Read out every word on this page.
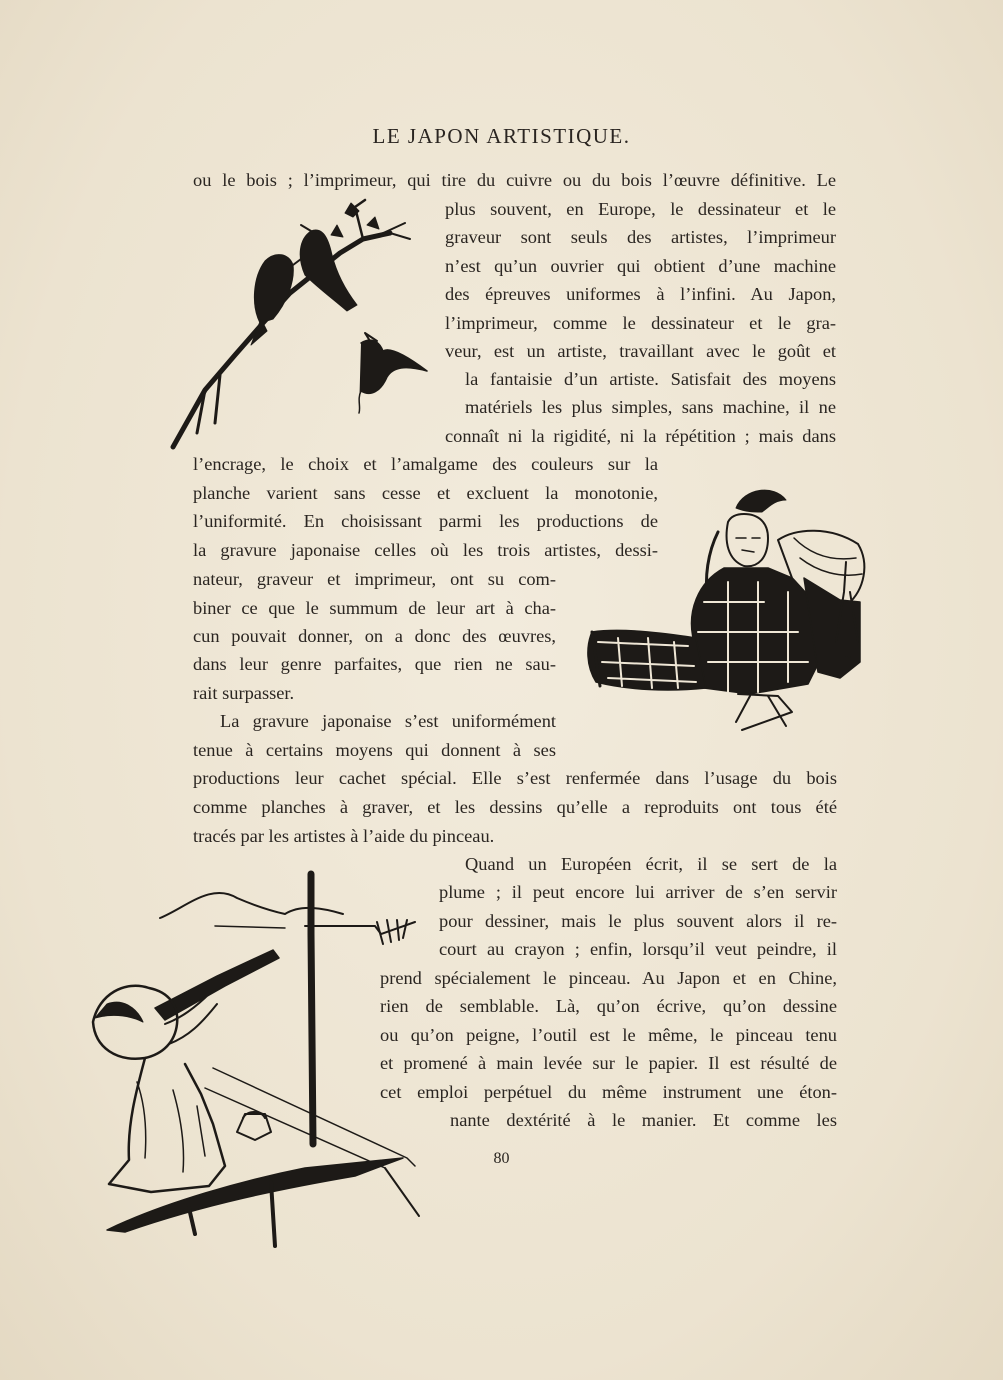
LE JAPON ARTISTIQUE.
ou le bois ; l’imprimeur, qui tire du cuivre ou du bois l’œuvre définitive. Le
plus souvent, en Europe, le dessinateur et le
graveur sont seuls des artistes, l’imprimeur
n’est qu’un ouvrier qui obtient d’une machine
des épreuves uniformes à l’infini. Au Japon,
l’imprimeur, comme le dessinateur et le gra-
veur, est un artiste, travaillant avec le goût et
la fantaisie d’un artiste. Satisfait des moyens
matériels les plus simples, sans machine, il ne
connaît ni la rigidité, ni la répétition ; mais dans
l’encrage, le choix et l’amalgame des couleurs sur la
planche varient sans cesse et excluent la monotonie,
l’uniformité. En choisissant parmi les productions de
la gravure japonaise celles où les trois artistes, dessi-
nateur, graveur et imprimeur, ont su com-
biner ce que le summum de leur art à cha-
cun pouvait donner, on a donc des œuvres,
dans leur genre parfaites, que rien ne sau-
rait surpasser.
La gravure japonaise s’est uniformément
tenue à certains moyens qui donnent à ses
productions leur cachet spécial. Elle s’est renfermée dans l’usage du bois
comme planches à graver, et les dessins qu’elle a reproduits ont tous été
tracés par les artistes à l’aide du pinceau.
Quand un Européen écrit, il se sert de la
plume ; il peut encore lui arriver de s’en servir
pour dessiner, mais le plus souvent alors il re-
court au crayon ; enfin, lorsqu’il veut peindre, il
prend spécialement le pinceau. Au Japon et en Chine,
rien de semblable. Là, qu’on écrive, qu’on dessine
ou qu’on peigne, l’outil est le même, le pinceau tenu
et promené à main levée sur le papier. Il est résulté de
cet emploi perpétuel du même instrument une éton-
nante dextérité à le manier. Et comme les
80
